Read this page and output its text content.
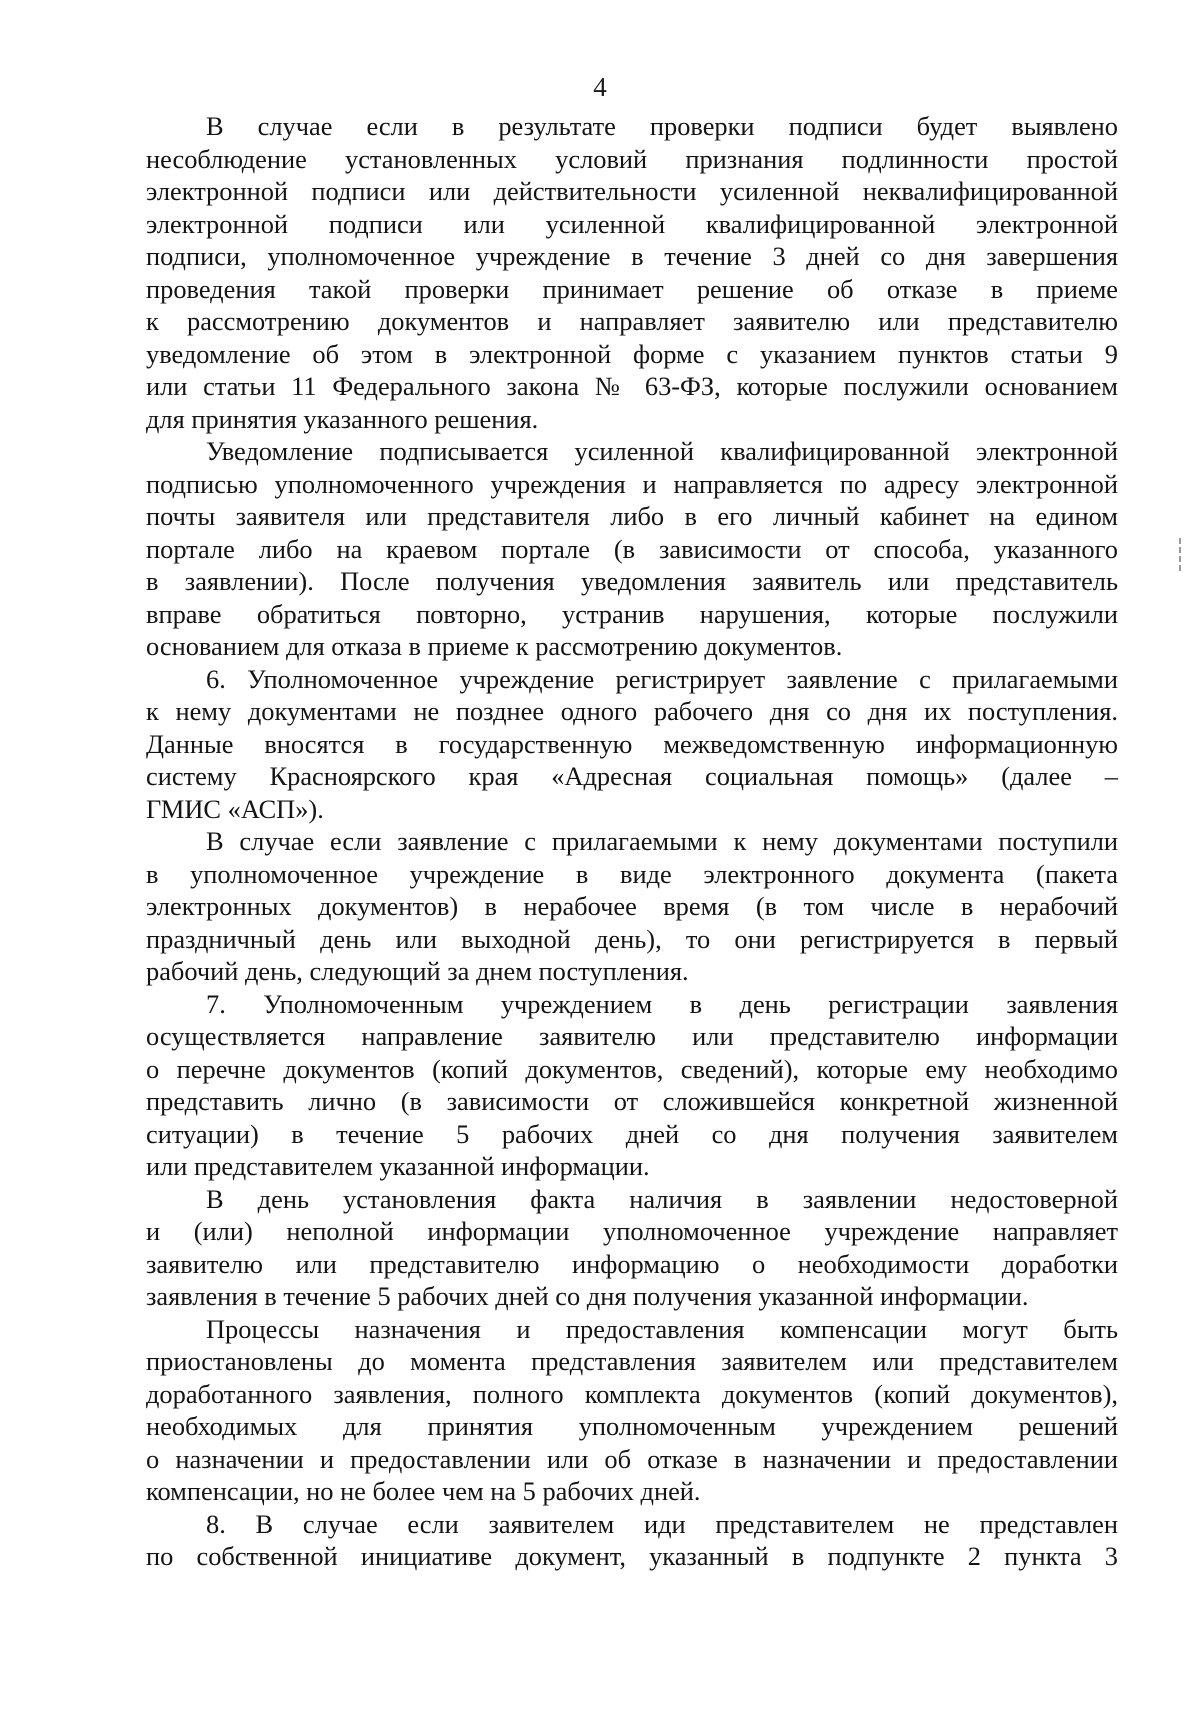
4
В случае если в результате проверки подписи будет выявлено
несоблюдение установленных условий признания подлинности простой
электронной подписи или действительности усиленной неквалифицированной
электронной подписи или усиленной квалифицированной электронной
подписи, уполномоченное учреждение в течение 3 дней со дня завершения
проведения такой проверки принимает решение об отказе в приеме
к рассмотрению документов и направляет заявителю или представителю
уведомление об этом в электронной форме с указанием пунктов статьи 9
или статьи 11 Федерального закона № 63-ФЗ, которые послужили основанием
для принятия указанного решения.
Уведомление подписывается усиленной квалифицированной электронной
подписью уполномоченного учреждения и направляется по адресу электронной
почты заявителя или представителя либо в его личный кабинет на едином
портале либо на краевом портале (в зависимости от способа, указанного
в заявлении). После получения уведомления заявитель или представитель
вправе обратиться повторно, устранив нарушения, которые послужили
основанием для отказа в приеме к рассмотрению документов.
6. Уполномоченное учреждение регистрирует заявление с прилагаемыми
к нему документами не позднее одного рабочего дня со дня их поступления.
Данные вносятся в государственную межведомственную информационную
систему Красноярского края «Адресная социальная помощь» (далее –
ГМИС «АСП»).
В случае если заявление с прилагаемыми к нему документами поступили
в уполномоченное учреждение в виде электронного документа (пакета
электронных документов) в нерабочее время (в том числе в нерабочий
праздничный день или выходной день), то они регистрируется в первый
рабочий день, следующий за днем поступления.
7. Уполномоченным учреждением в день регистрации заявления
осуществляется направление заявителю или представителю информации
о перечне документов (копий документов, сведений), которые ему необходимо
представить лично (в зависимости от сложившейся конкретной жизненной
ситуации) в течение 5 рабочих дней со дня получения заявителем
или представителем указанной информации.
В день установления факта наличия в заявлении недостоверной
и (или) неполной информации уполномоченное учреждение направляет
заявителю или представителю информацию о необходимости доработки
заявления в течение 5 рабочих дней со дня получения указанной информации.
Процессы назначения и предоставления компенсации могут быть
приостановлены до момента представления заявителем или представителем
доработанного заявления, полного комплекта документов (копий документов),
необходимых для принятия уполномоченным учреждением решений
о назначении и предоставлении или об отказе в назначении и предоставлении
компенсации, но не более чем на 5 рабочих дней.
8. В случае если заявителем иди представителем не представлен
по собственной инициативе документ, указанный в подпункте 2 пункта 3
